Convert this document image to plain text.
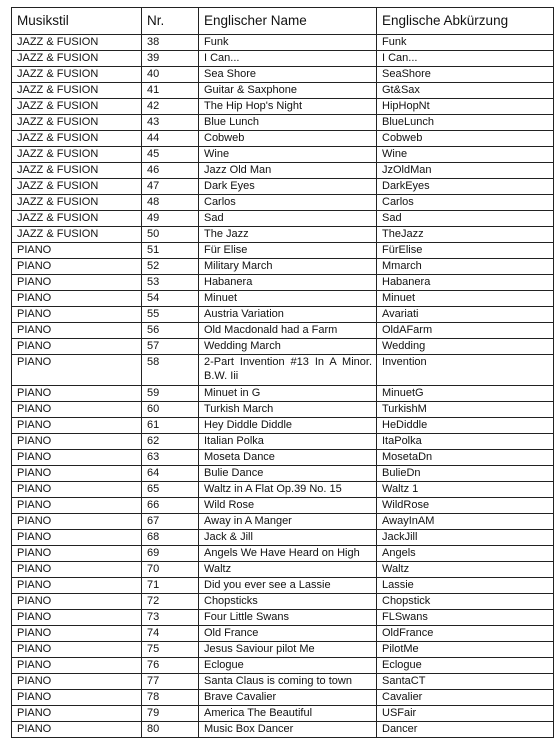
Musikstil	Nr.	Englischer Name	Englische Abkürzung
JAZZ & FUSION	38	Funk	Funk
JAZZ & FUSION	39	I Can...	I Can...
JAZZ & FUSION	40	Sea Shore	SeaShore
JAZZ & FUSION	41	Guitar & Saxphone	Gt&Sax
JAZZ & FUSION	42	The Hip Hop's Night	HipHopNt
JAZZ & FUSION	43	Blue Lunch	BlueLunch
JAZZ & FUSION	44	Cobweb	Cobweb
JAZZ & FUSION	45	Wine	Wine
JAZZ & FUSION	46	Jazz Old Man	JzOldMan
JAZZ & FUSION	47	Dark Eyes	DarkEyes
JAZZ & FUSION	48	Carlos	Carlos
JAZZ & FUSION	49	Sad	Sad
JAZZ & FUSION	50	The Jazz	TheJazz
PIANO	51	Für Elise	FürElise
PIANO	52	Military March	Mmarch
PIANO	53	Habanera	Habanera
PIANO	54	Minuet	Minuet
PIANO	55	Austria Variation	Avariati
PIANO	56	Old Macdonald had a Farm	OldAFarm
PIANO	57	Wedding March	Wedding
PIANO	58	2-Part Invention #13 In A Minor. B.W. Iii	Invention
PIANO	59	Minuet in G	MinuetG
PIANO	60	Turkish March	TurkishM
PIANO	61	Hey Diddle Diddle	HeDiddle
PIANO	62	Italian Polka	ItaPolka
PIANO	63	Moseta Dance	MosetaDn
PIANO	64	Bulie Dance	BulieDn
PIANO	65	Waltz in A Flat Op.39 No. 15	Waltz 1
PIANO	66	Wild Rose	WildRose
PIANO	67	Away in A Manger	AwayInAM
PIANO	68	Jack & Jill	JackJill
PIANO	69	Angels We Have Heard on High	Angels
PIANO	70	Waltz	Waltz
PIANO	71	Did you ever see a Lassie	Lassie
PIANO	72	Chopsticks	Chopstick
PIANO	73	Four Little Swans	FLSwans
PIANO	74	Old France	OldFrance
PIANO	75	Jesus Saviour pilot Me	PilotMe
PIANO	76	Eclogue	Eclogue
PIANO	77	Santa Claus is coming to town	SantaCT
PIANO	78	Brave Cavalier	Cavalier
PIANO	79	America The Beautiful	USFair
PIANO	80	Music Box Dancer	Dancer
